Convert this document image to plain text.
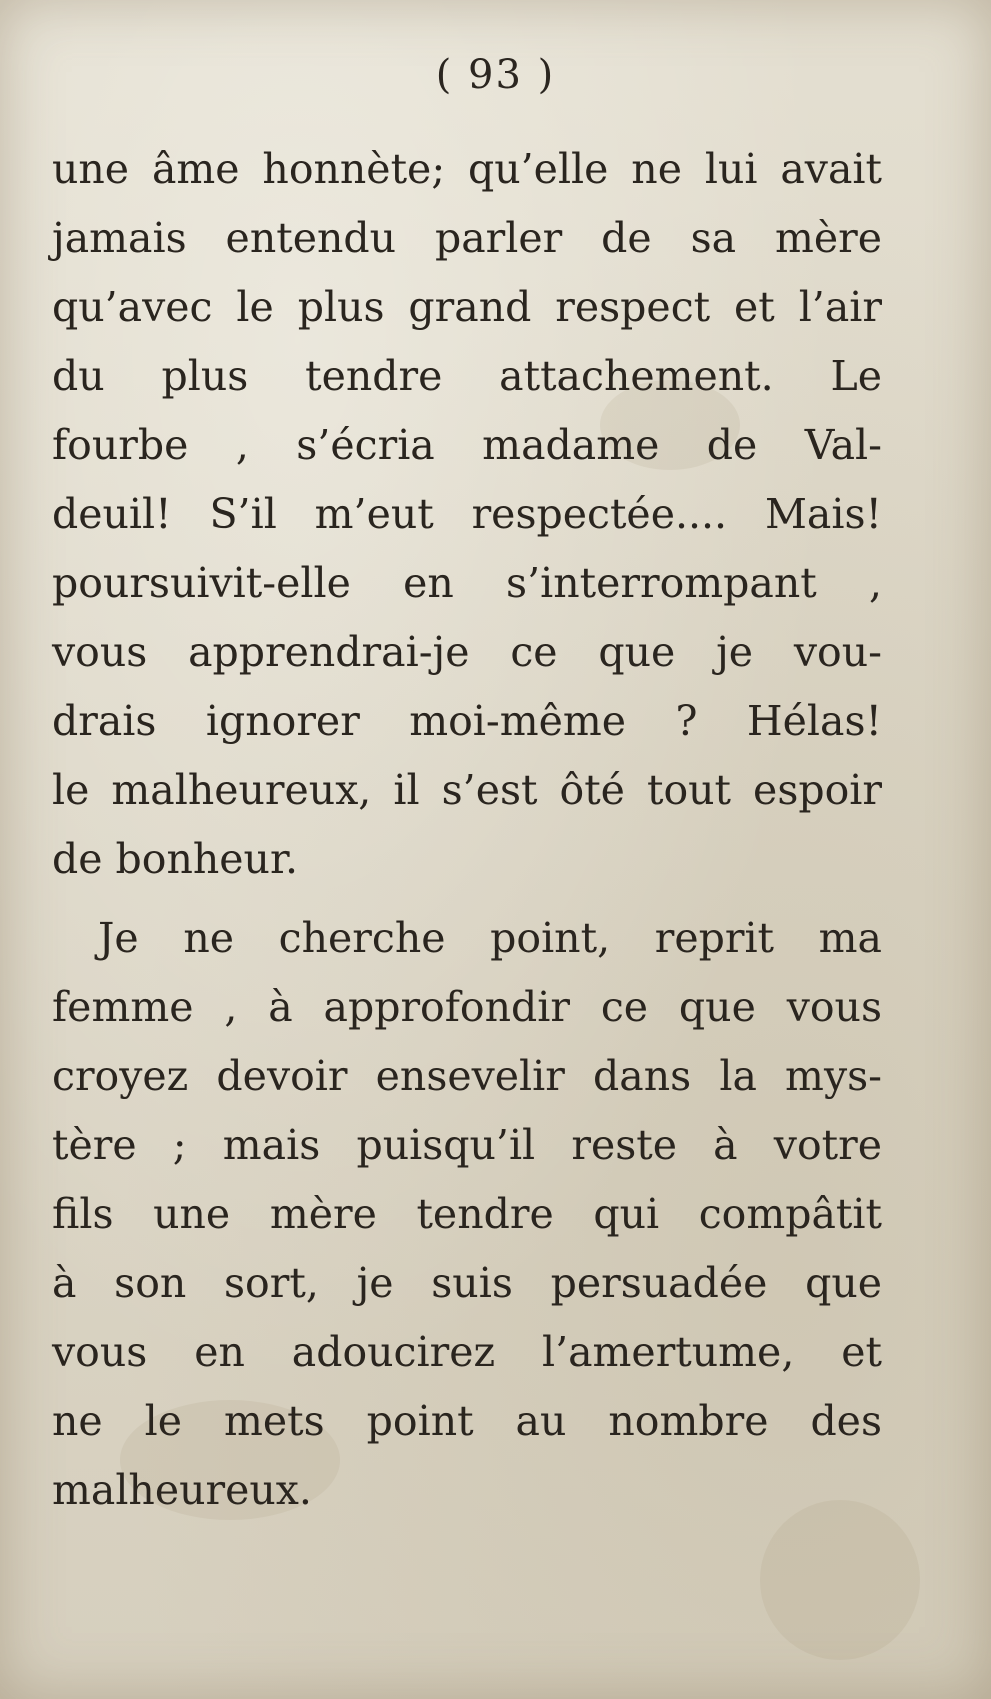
( 93 )
une âme honnète; qu’elle ne lui avait
jamais entendu parler de sa mère
qu’avec le plus grand respect et l’air
du plus tendre attachement. Le
fourbe , s’écria madame de Val-
deuil! S’il m’eut respectée.... Mais!
poursuivit-elle en s’interrompant ,
vous apprendrai-je ce que je vou-
drais ignorer moi-même ? Hélas!
le malheureux, il s’est ôté tout espoir
de bonheur.
Je ne cherche point, reprit ma
femme , à approfondir ce que vous
croyez devoir ensevelir dans la mys-
tère ; mais puisqu’il reste à votre
fils une mère tendre qui compâtit
à son sort, je suis persuadée que
vous en adoucirez l’amertume, et
ne le mets point au nombre des
malheureux.
